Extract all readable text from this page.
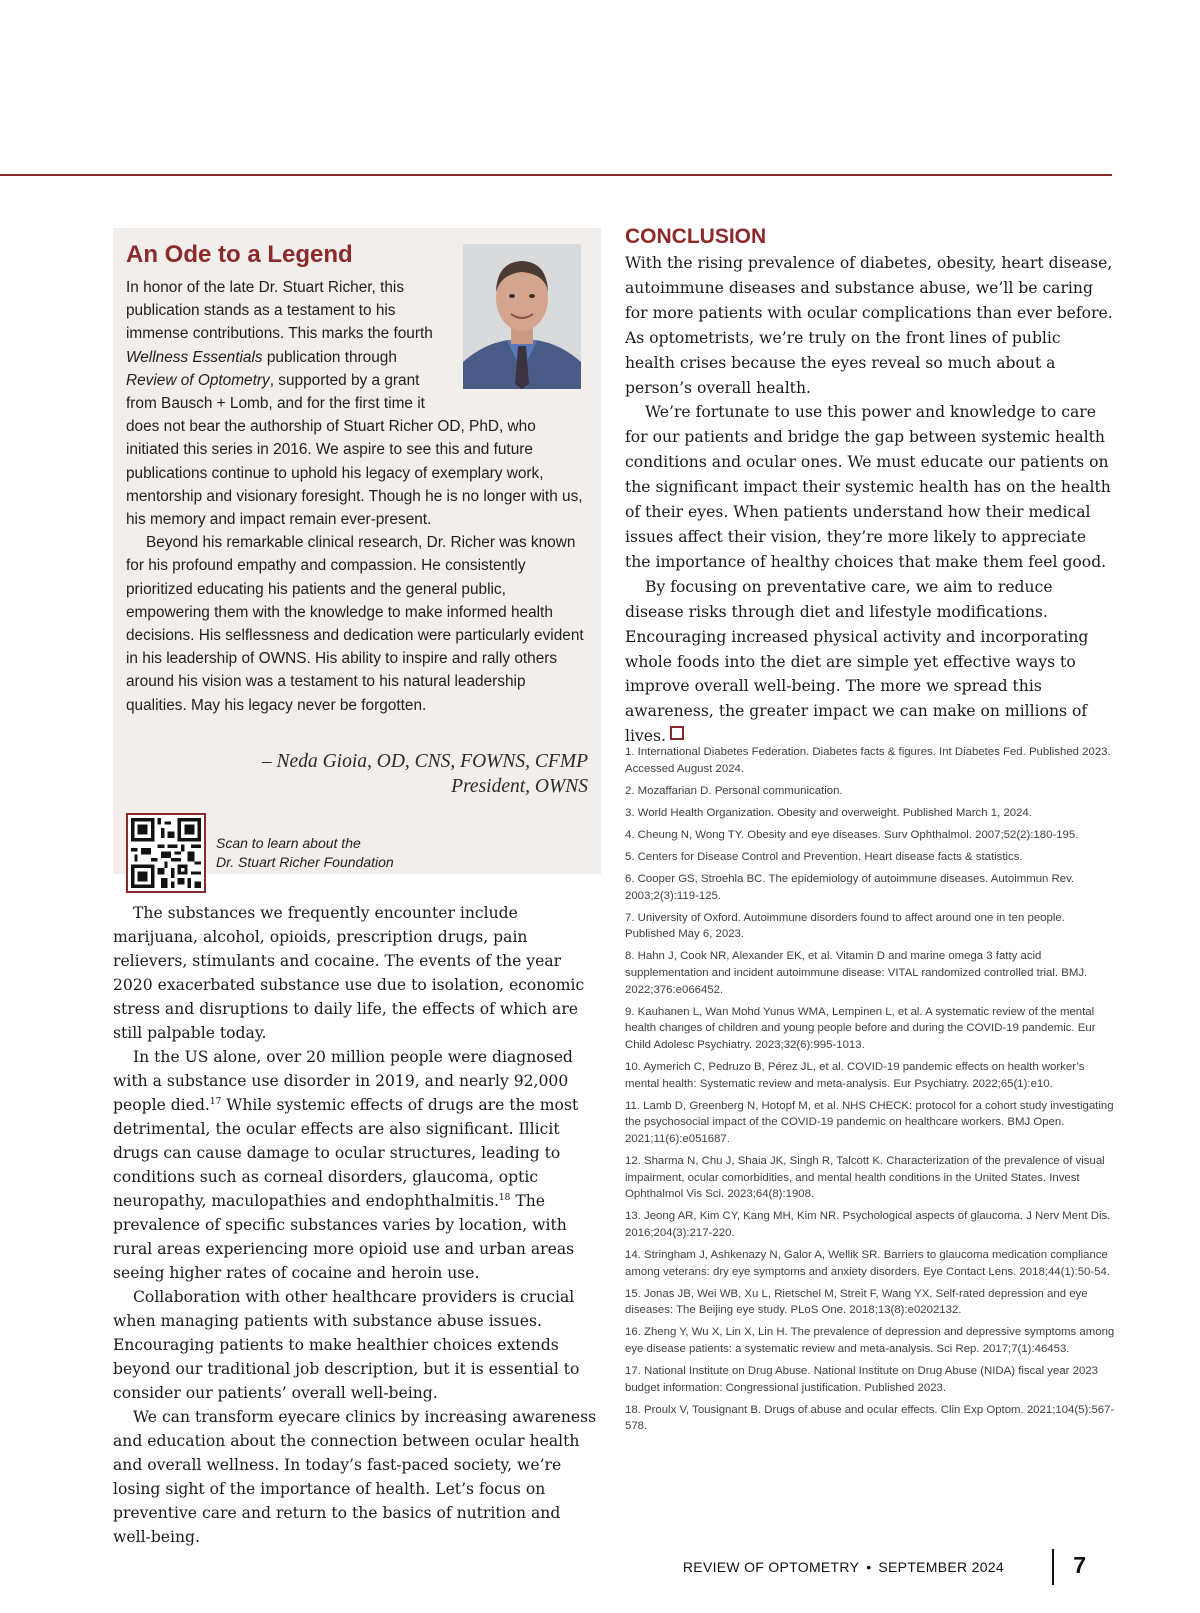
An Ode to a Legend

In honor of the late Dr. Stuart Richer, this publication stands as a testament to his immense contributions. This marks the fourth Wellness Essentials publication through Review of Optometry, supported by a grant from Bausch + Lomb, and for the first time it does not bear the authorship of Stuart Richer OD, PhD, who initiated this series in 2016. We aspire to see this and future publications continue to uphold his legacy of exemplary work, mentorship and visionary foresight. Though he is no longer with us, his memory and impact remain ever-present.

Beyond his remarkable clinical research, Dr. Richer was known for his profound empathy and compassion. He consistently prioritized educating his patients and the general public, empowering them with the knowledge to make informed health decisions. His selflessness and dedication were particularly evident in his leadership of OWNS. His ability to inspire and rally others around his vision was a testament to his natural leadership qualities. May his legacy never be forgotten.

– Neda Gioia, OD, CNS, FOWNS, CFMP
President, OWNS
Scan to learn about the
Dr. Stuart Richer Foundation

The substances we frequently encounter include marijuana, alcohol, opioids, prescription drugs, pain relievers, stimulants and cocaine. The events of the year 2020 exacerbated substance use due to isolation, economic stress and disruptions to daily life, the effects of which are still palpable today.

In the US alone, over 20 million people were diagnosed with a substance use disorder in 2019, and nearly 92,000 people died.$^{17}$ While systemic effects of drugs are the most detrimental, the ocular effects are also significant. Illicit drugs can cause damage to ocular structures, leading to conditions such as corneal disorders, glaucoma, optic neuropathy, maculopathies and endophthalmitis.$^{18}$ The prevalence of specific substances varies by location, with rural areas experiencing more opioid use and urban areas seeing higher rates of cocaine and heroin use.

Collaboration with other healthcare providers is crucial when managing patients with substance abuse issues. Encouraging patients to make healthier choices extends beyond our traditional job description, but it is essential to consider our patients’ overall well-being.

We can transform eyecare clinics by increasing awareness and education about the connection between ocular health and overall wellness. In today’s fast-paced society, we’re losing sight of the importance of health. Let’s focus on preventive care and return to the basics of nutrition and well-being.

CONCLUSION

With the rising prevalence of diabetes, obesity, heart disease, autoimmune diseases and substance abuse, we’ll be caring for more patients with ocular complications than ever before. As optometrists, we’re truly on the front lines of public health crises because the eyes reveal so much about a person’s overall health.

We’re fortunate to use this power and knowledge to care for our patients and bridge the gap between systemic health conditions and ocular ones. We must educate our patients on the significant impact their systemic health has on the health of their eyes. When patients understand how their medical issues affect their vision, they’re more likely to appreciate the importance of healthy choices that make them feel good.

By focusing on preventative care, we aim to reduce disease risks through diet and lifestyle modifications. Encouraging increased physical activity and incorporating whole foods into the diet are simple yet effective ways to improve overall well-being. The more we spread this awareness, the greater impact we can make on millions of lives.

1. International Diabetes Federation. Diabetes facts & figures. Int Diabetes Fed. Published 2023. Accessed August 2024.

2. Mozaffarian D. Personal communication.

3. World Health Organization. Obesity and overweight. Published March 1, 2024.

4. Cheung N, Wong TY. Obesity and eye diseases. Surv Ophthalmol. 2007;52(2):180-195.

5. Centers for Disease Control and Prevention. Heart disease facts & statistics.

6. Cooper GS, Stroehla BC. The epidemiology of autoimmune diseases. Autoimmun Rev. 2003;2(3):119-125.

7. University of Oxford. Autoimmune disorders found to affect around one in ten people. Published May 6, 2023.

8. Hahn J, Cook NR, Alexander EK, et al. Vitamin D and marine omega 3 fatty acid supplementation and incident autoimmune disease: VITAL randomized controlled trial. BMJ. 2022;376:e066452.

9. Kauhanen L, Wan Mohd Yunus WMA, Lempinen L, et al. A systematic review of the mental health changes of children and young people before and during the COVID-19 pandemic. Eur Child Adolesc Psychiatry. 2023;32(6):995-1013.

10. Aymerich C, Pedruzo B, Pérez JL, et al. COVID-19 pandemic effects on health worker’s mental health: Systematic review and meta-analysis. Eur Psychiatry. 2022;65(1):e10.

11. Lamb D, Greenberg N, Hotopf M, et al. NHS CHECK: protocol for a cohort study investigating the psychosocial impact of the COVID-19 pandemic on healthcare workers. BMJ Open. 2021;11(6):e051687.

12. Sharma N, Chu J, Shaia JK, Singh R, Talcott K. Characterization of the prevalence of visual impairment, ocular comorbidities, and mental health conditions in the United States. Invest Ophthalmol Vis Sci. 2023;64(8):1908.

13. Jeong AR, Kim CY, Kang MH, Kim NR. Psychological aspects of glaucoma. J Nerv Ment Dis. 2016;204(3):217-220.

14. Stringham J, Ashkenazy N, Galor A, Wellik SR. Barriers to glaucoma medication compliance among veterans: dry eye symptoms and anxiety disorders. Eye Contact Lens. 2018;44(1):50-54.

15. Jonas JB, Wei WB, Xu L, Rietschel M, Streit F, Wang YX. Self-rated depression and eye diseases: The Beijing eye study. PLoS One. 2018;13(8):e0202132.

16. Zheng Y, Wu X, Lin X, Lin H. The prevalence of depression and depressive symptoms among eye disease patients: a systematic review and meta-analysis. Sci Rep. 2017;7(1):46453.

17. National Institute on Drug Abuse. National Institute on Drug Abuse (NIDA) fiscal year 2023 budget information: Congressional justification. Published 2023.

18. Proulx V, Tousignant B. Drugs of abuse and ocular effects. Clin Exp Optom. 2021;104(5):567-578.

REVIEW OF OPTOMETRY • SEPTEMBER 2024	7
